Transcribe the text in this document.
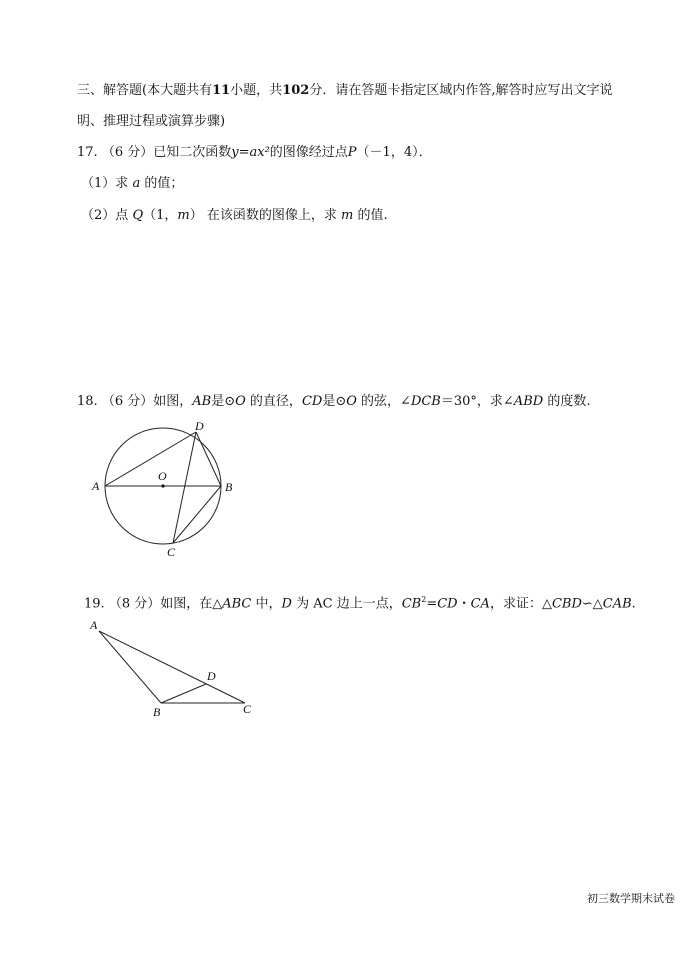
三、解答题(本大题共有11小题，共102分．请在答题卡指定区域内作答,解答时应写出文字说
明、推理过程或演算步骤)
17. （6 分）已知二次函数y=ax²的图像经过点P（－1，4）．
（1）求 a 的值；
（2）点 Q（1，m） 在该函数的图像上，求 m 的值.
18. （6 分）如图，AB是⊙O 的直径，CD是⊙O 的弦，∠DCB＝30°，求∠ABD 的度数.
A	B
C
D
O
A
B	C
D
19. （8 分）如图，在△ABC 中，D 为 AC 边上一点，$CB^2=CD$・CA，求证：△CBD∽△CAB.
初三数学期末试卷
